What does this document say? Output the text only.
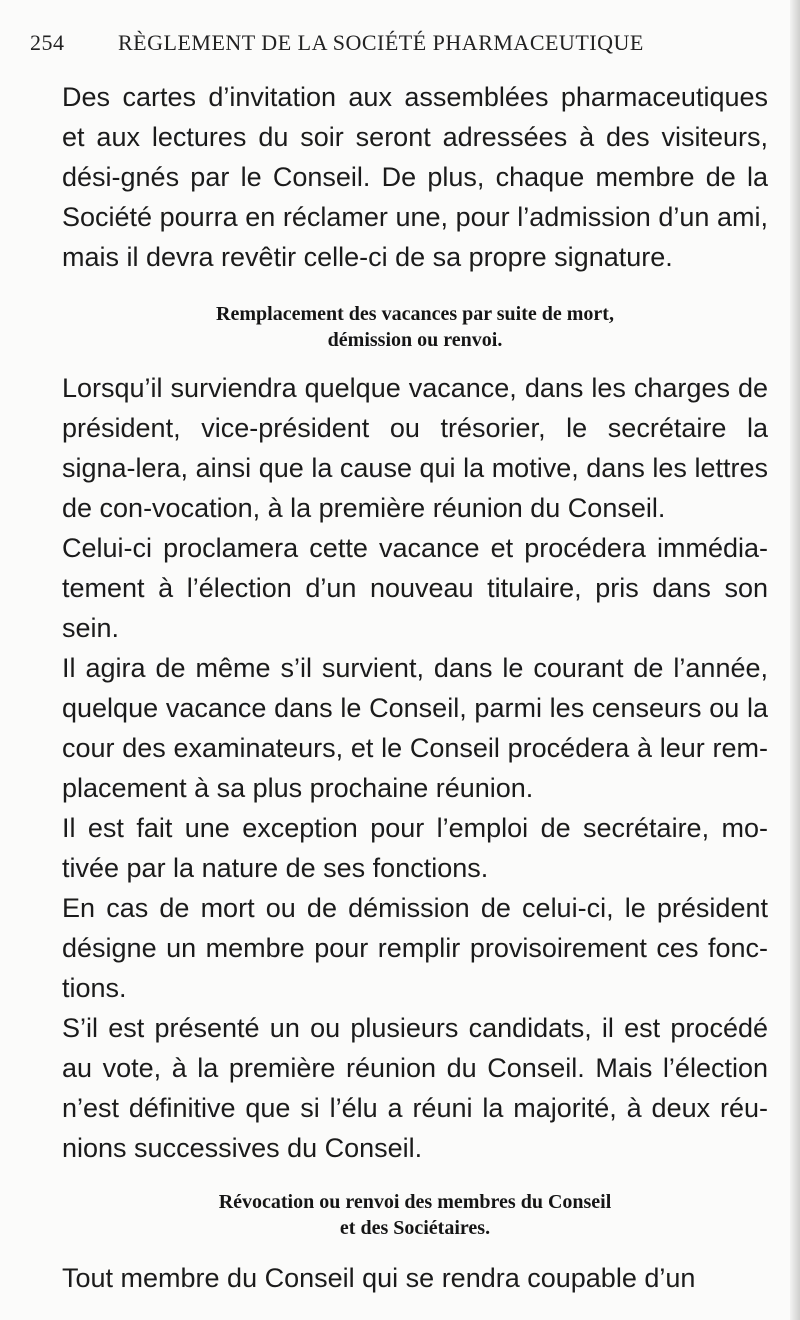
254 RÈGLEMENT DE LA SOCIÉTÉ PHARMACEUTIQUE

Des cartes d’invitation aux assemblées pharmaceutiques et aux lectures du soir seront adressées à des visiteurs, dési-gnés par le Conseil. De plus, chaque membre de la Société pourra en réclamer une, pour l’admission d’un ami, mais il devra revêtir celle-ci de sa propre signature.

Remplacement des vacances par suite de mort,
démission ou renvoi.

Lorsqu’il surviendra quelque vacance, dans les charges de président, vice-président ou trésorier, le secrétaire la signa-lera, ainsi que la cause qui la motive, dans les lettres de con-vocation, à la première réunion du Conseil.

Celui-ci proclamera cette vacance et procédera immédia-tement à l’élection d’un nouveau titulaire, pris dans son sein.

Il agira de même s’il survient, dans le courant de l’année, quelque vacance dans le Conseil, parmi les censeurs ou la cour des examinateurs, et le Conseil procédera à leur rem-placement à sa plus prochaine réunion.

Il est fait une exception pour l’emploi de secrétaire, mo-tivée par la nature de ses fonctions.

En cas de mort ou de démission de celui-ci, le président désigne un membre pour remplir provisoirement ces fonc-tions.

S’il est présenté un ou plusieurs candidats, il est procédé au vote, à la première réunion du Conseil. Mais l’élection n’est définitive que si l’élu a réuni la majorité, à deux réu-nions successives du Conseil.

Révocation ou renvoi des membres du Conseil
et des Sociétaires.

Tout membre du Conseil qui se rendra coupable d’un
